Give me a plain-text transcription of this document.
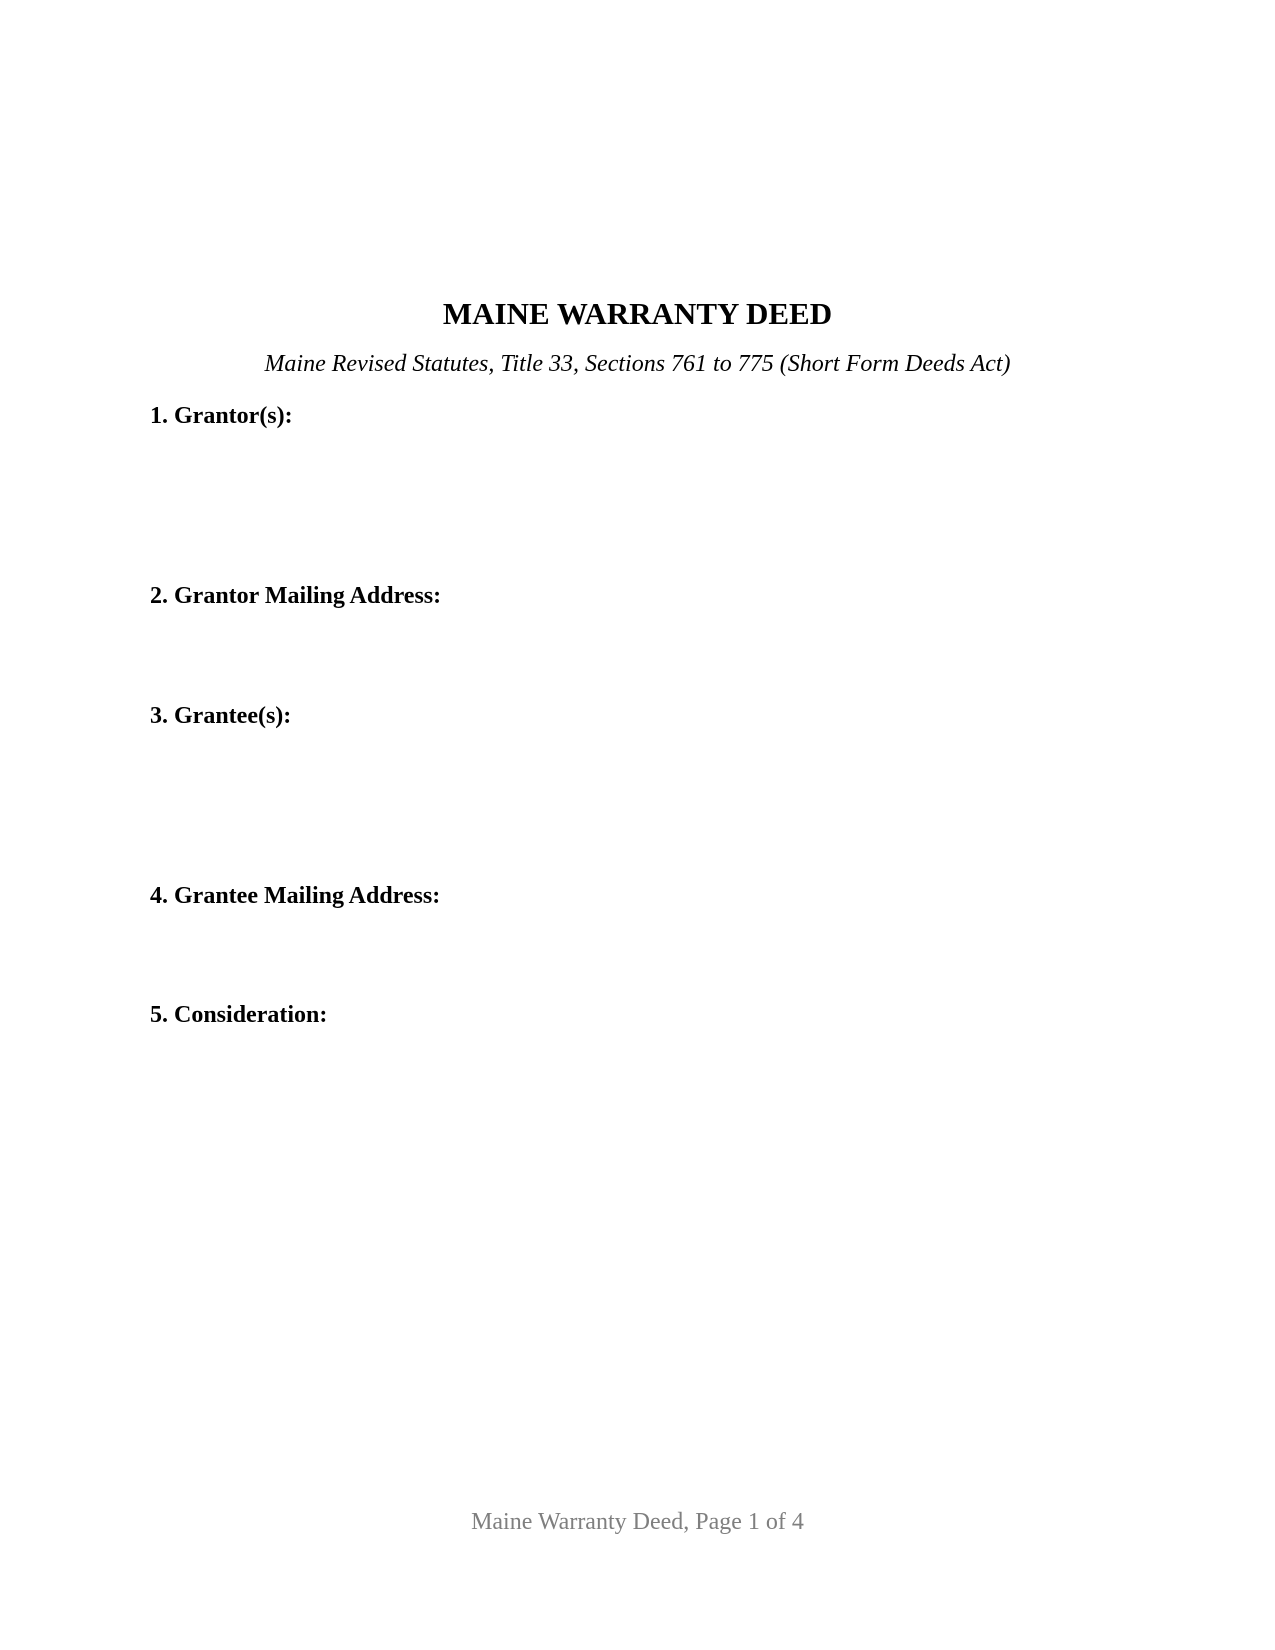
MAINE WARRANTY DEED

Maine Revised Statutes, Title 33, Sections 761 to 775 (Short Form Deeds Act)

1. Grantor(s):

2. Grantor Mailing Address:

3. Grantee(s):

4. Grantee Mailing Address:

5. Consideration:

Maine Warranty Deed, Page 1 of 4
